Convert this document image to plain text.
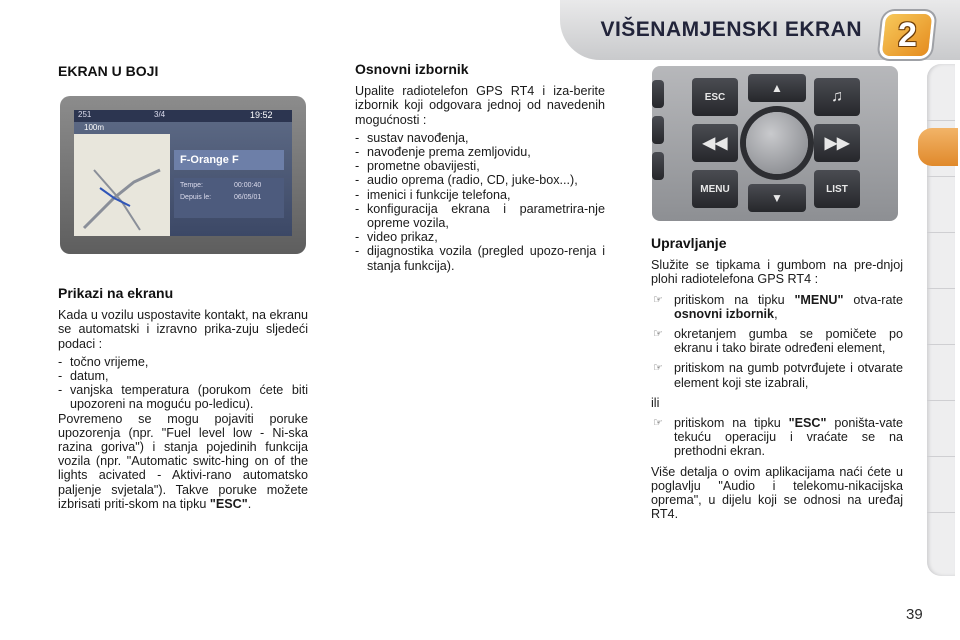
VIŠENAMJENSKI EKRAN 2
EKRAN U BOJI
251	3/4	19:52
100m
F-Orange F
Tempe:	00:00:40
Depuis le:	06/05/01
Prikazi na ekranu

Kada u vozilu uspostavite kontakt, na ekranu se automatski i izravno prika-zuju sljedeći podaci :

- točno vrijeme,
- datum,
- vanjska temperatura (porukom ćete biti upozoreni na moguću po-ledicu).

Povremeno se mogu pojaviti poruke upozorenja (npr. "Fuel level low - Ni-ska razina goriva") i stanja pojedinih funkcija vozila (npr. "Automatic switc-hing on of the lights acivated - Aktivi-rano automatsko paljenje svjetala"). Takve poruke možete izbrisati priti-skom na tipku "ESC".

Osnovni izbornik

Upalite radiotelefon GPS RT4 i iza-berite izbornik koji odgovara jednoj od navedenih mogućnosti :

- sustav navođenja,
- navođenje prema zemljovidu,
- prometne obavijesti,
- audio oprema (radio, CD, juke-box...),
- imenici i funkcije telefona,
- konfiguracija ekrana i parametrira-nje opreme vozila,
- video prikaz,
- dijagnostika vozila (pregled upozo-renja i stanja funkcija).
ESC
◀◀
MENU
♫
▶▶
LIST
▲
▼
Upravljanje

Služite se tipkama i gumbom na pre-dnjoj plohi radiotelefona GPS RT4 :

☞ pritiskom na tipku "MENU" otva-rate osnovni izbornik,
☞ okretanjem gumba se pomičete po ekranu i tako birate određeni element,
☞ pritiskom na gumb potvrđujete i otvarate element koji ste izabrali,

ili

☞ pritiskom na tipku "ESC" poništa-vate tekuću operaciju i vraćate se na prethodni ekran.

Više detalja o ovim aplikacijama naći ćete u poglavlju "Audio i telekomu-nikacijska oprema", u dijelu koji se odnosi na uređaj RT4.

39
